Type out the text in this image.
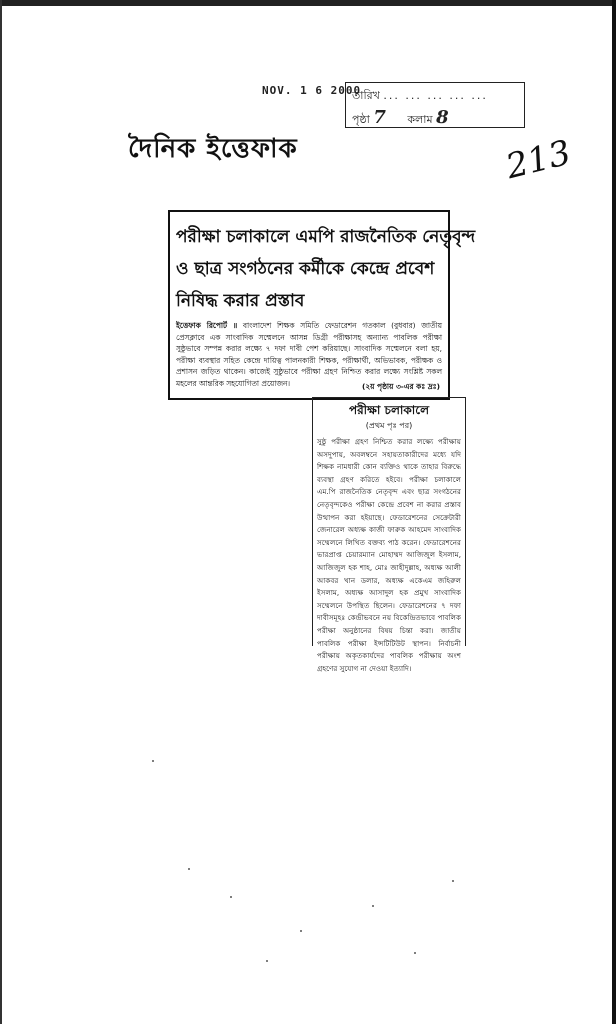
NOV. 1 6 2000
তারিখ ... ... ... ... ...
পৃষ্ঠা 7 কলাম 8
দৈনিক ইত্তেফাক	213
পরীক্ষা চলাকালে এমপি রাজনৈতিক নেতৃবৃন্দ
ও ছাত্র সংগঠনের কর্মীকে কেন্দ্রে প্রবেশ
নিষিদ্ধ করার প্রস্তাব
ইত্তেফাক রিপোর্ট ॥ বাংলাদেশ শিক্ষক সমিতি ফেডারেশন গতকাল (বুধবার) জাতীয় প্রেসক্লাবে এক সাংবাদিক সম্মেলনে আসন্ন ডিগ্রী পরীক্ষাসহ অন্যান্য পাবলিক পরীক্ষা সুষ্ঠুভাবে সম্পন্ন করার লক্ষ্যে ৭ দফা দাবী পেশ করিয়াছে। সাংবাদিক সম্মেলনে বলা হয়, পরীক্ষা ব্যবস্থার সহিত কেন্দ্রে দায়িত্ব পালনকারী শিক্ষক, পরীক্ষার্থী, অভিভাবক, পরীক্ষক ও প্রশাসন জড়িত থাকেন। কাজেই সুষ্ঠুভাবে পরীক্ষা গ্রহণ নিশ্চিত করার লক্ষ্যে সংশ্লিষ্ট সকল মহলের আন্তরিক সহযোগিতা প্রয়োজন।	(২য় পৃষ্ঠায় ৩-এর কঃ দ্রঃ)
পরীক্ষা চলাকালে
(প্রথম পৃঃ পর)
সুষ্ঠু পরীক্ষা গ্রহণ নিশ্চিত করার লক্ষ্যে পরীক্ষায় অসদুপায়, অবলম্বনে সহায়তাকারীদের মধ্যে যদি শিক্ষক নামধারী কোন ব্যক্তিও থাকে তাহার বিরুদ্ধে ব্যবস্থা গ্রহণ করিতে হইবে। পরীক্ষা চলাকালে এম.পি রাজনৈতিক নেতৃবৃন্দ এবং ছাত্র সংগঠনের নেতৃবৃন্দকেও পরীক্ষা কেন্দ্রে প্রবেশ না করার প্রস্তাব উত্থাপন করা হইয়াছে। ফেডারেশনের সেক্রেটারী জেনারেল অধ্যক্ষ কাজী ফারুক আহমেদ সাংবাদিক সম্মেলনে লিখিত বক্তব্য পাঠ করেন। ফেডারেশনের ভারপ্রাপ্ত চেয়ারম্যান মোহাম্মদ আজিজুল ইসলাম, আজিজুল হক শাহ, মোঃ জাহীদুল্লাহ, অধ্যক্ষ আলী আকবর খান ডলার, অধ্যক্ষ একেএম জহিরুল ইসলাম, অধ্যক্ষ আসাদুল হক প্রমুখ সাংবাদিক সম্মেলনে উপস্থিত ছিলেন। ফেডারেশনের ৭ দফা দাবীসমূহঃ কেন্দ্রীভবনে নয় বিকেন্দ্রিতভাবে পাবলিক পরীক্ষা অনুষ্ঠানের বিষয় চিন্তা করা। জাতীয় পাবলিক পরীক্ষা ইন্সটিটিউট স্থাপন। নির্বাচনী পরীক্ষায় অকৃতকার্যদের পাবলিক পরীক্ষায় অংশ গ্রহণের সুযোগ না দেওয়া ইত্যাদি।
